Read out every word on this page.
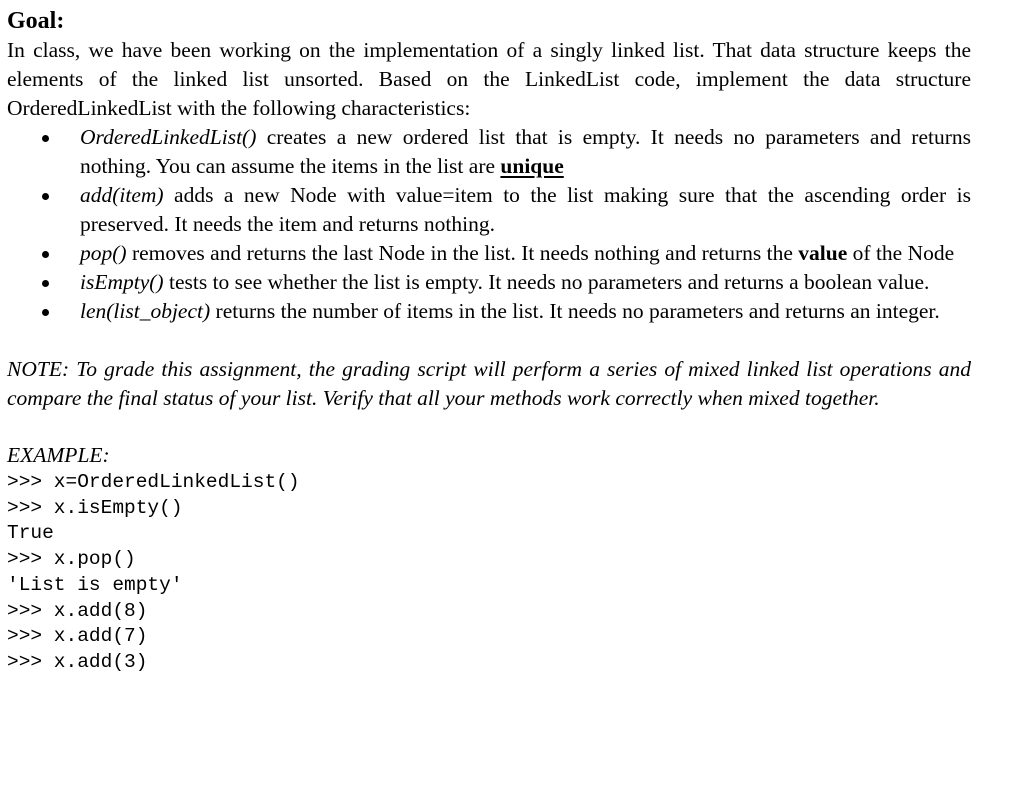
Goal:

In class, we have been working on the implementation of a singly linked list. That data structure keeps the elements of the linked list unsorted. Based on the LinkedList code, implement the data structure OrderedLinkedList with the following characteristics:

OrderedLinkedList() creates a new ordered list that is empty. It needs no parameters and returns nothing. You can assume the items in the list are unique
add(item) adds a new Node with value=item to the list making sure that the ascending order is preserved. It needs the item and returns nothing.
pop() removes and returns the last Node in the list. It needs nothing and returns the value of the Node
isEmpty() tests to see whether the list is empty. It needs no parameters and returns a boolean value.
len(list_object) returns the number of items in the list. It needs no parameters and returns an integer.

NOTE: To grade this assignment, the grading script will perform a series of mixed linked list operations and compare the final status of your list. Verify that all your methods work correctly when mixed together.

EXAMPLE:

>>> x=OrderedLinkedList()
>>> x.isEmpty()
True
>>> x.pop()
'List is empty'
>>> x.add(8)
>>> x.add(7)
>>> x.add(3)
